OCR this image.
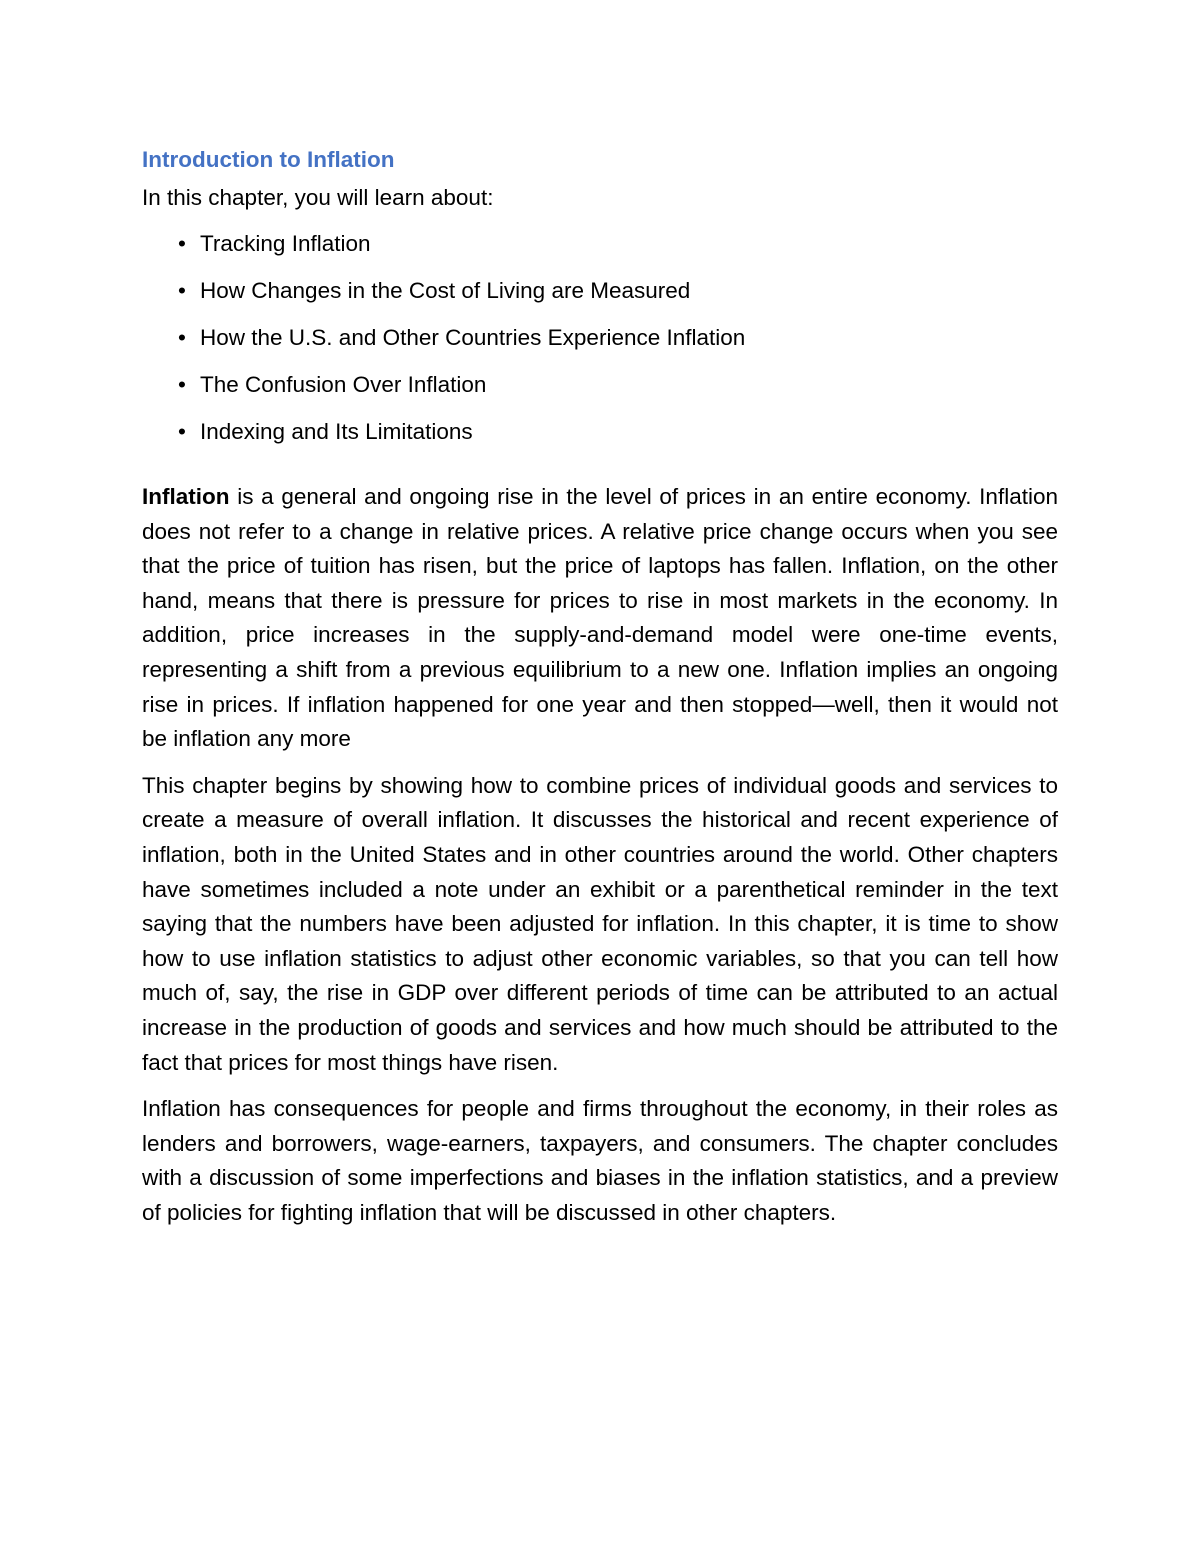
Introduction to Inflation

In this chapter, you will learn about:

• Tracking Inflation
• How Changes in the Cost of Living are Measured
• How the U.S. and Other Countries Experience Inflation
• The Confusion Over Inflation
• Indexing and Its Limitations

Inflation is a general and ongoing rise in the level of prices in an entire economy. Inflation does not refer to a change in relative prices. A relative price change occurs when you see that the price of tuition has risen, but the price of laptops has fallen. Inflation, on the other hand, means that there is pressure for prices to rise in most markets in the economy. In addition, price increases in the supply-and-demand model were one-time events, representing a shift from a previous equilibrium to a new one. Inflation implies an ongoing rise in prices. If inflation happened for one year and then stopped—well, then it would not be inflation any more

This chapter begins by showing how to combine prices of individual goods and services to create a measure of overall inflation. It discusses the historical and recent experience of inflation, both in the United States and in other countries around the world. Other chapters have sometimes included a note under an exhibit or a parenthetical reminder in the text saying that the numbers have been adjusted for inflation. In this chapter, it is time to show how to use inflation statistics to adjust other economic variables, so that you can tell how much of, say, the rise in GDP over different periods of time can be attributed to an actual increase in the production of goods and services and how much should be attributed to the fact that prices for most things have risen.

Inflation has consequences for people and firms throughout the economy, in their roles as lenders and borrowers, wage-earners, taxpayers, and consumers. The chapter concludes with a discussion of some imperfections and biases in the inflation statistics, and a preview of policies for fighting inflation that will be discussed in other chapters.
